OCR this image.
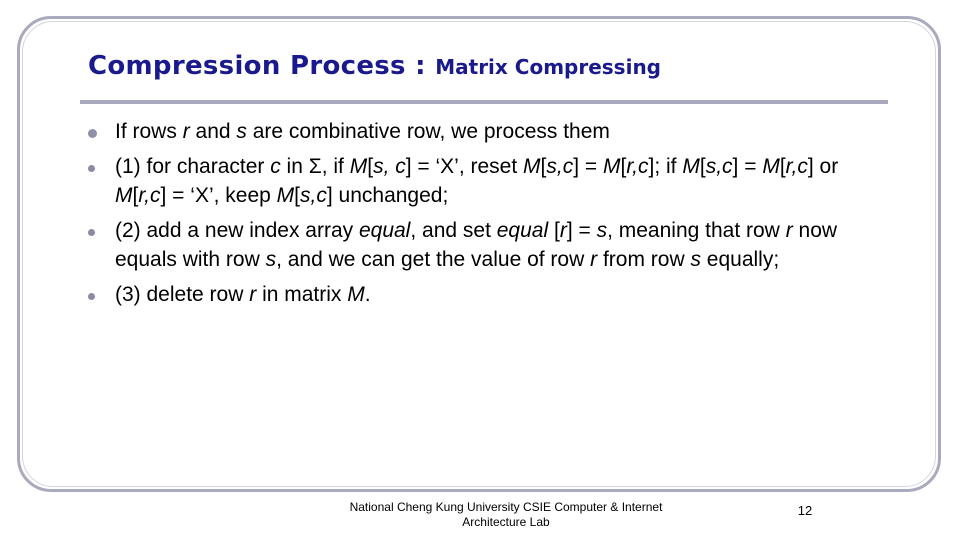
Compression Process : Matrix Compressing
If rows r and s are combinative row, we process them
(1) for character c in Σ, if M[s, c] = ‘X’, reset M[s,c] = M[r,c]; if M[s,c] = M[r,c] or M[r,c] = ‘X’, keep M[s,c] unchanged;
(2) add a new index array equal, and set equal [r] = s, meaning that row r now equals with row s, and we can get the value of row r from row s equally;
(3) delete row r in matrix M.
National Cheng Kung University CSIE Computer & Internet
Architecture Lab
12
